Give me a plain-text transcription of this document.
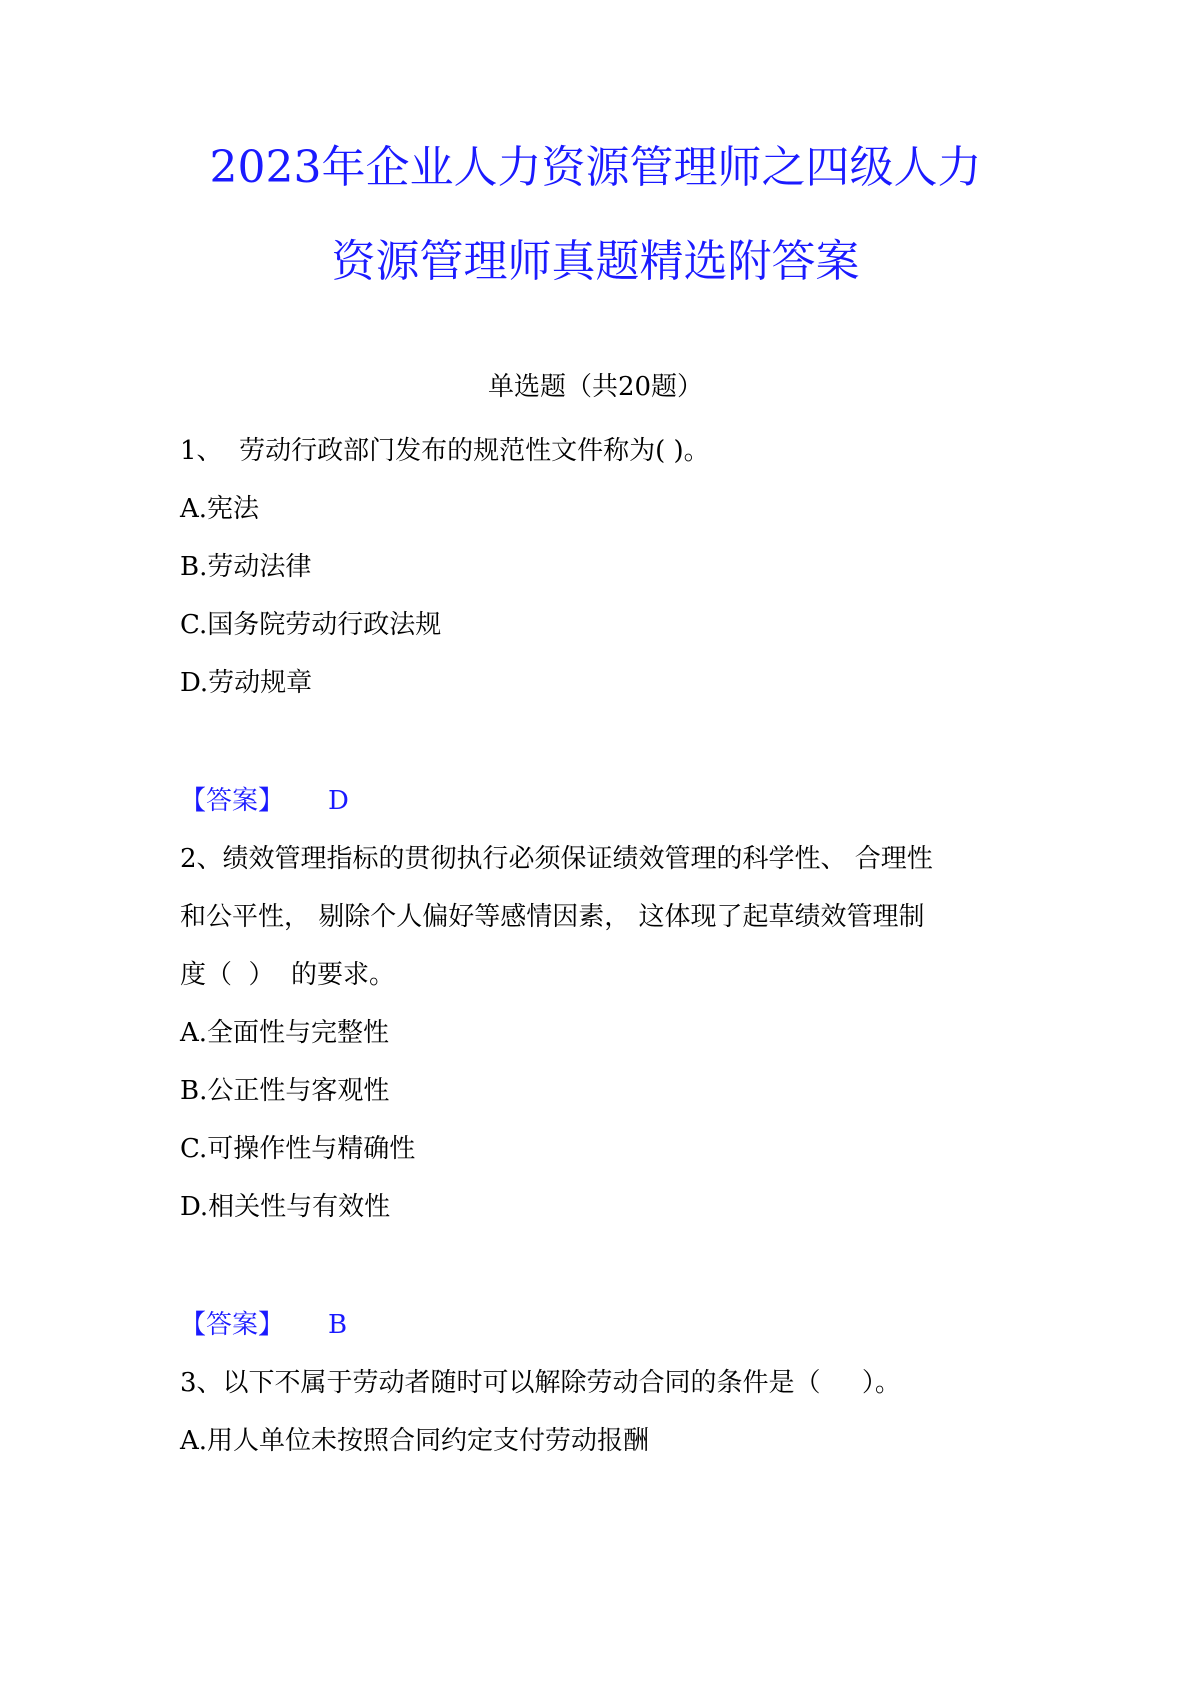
2023年企业人力资源管理师之四级人力
资源管理师真题精选附答案
单选题（共20题）
1、  劳动行政部门发布的规范性文件称为( )。
A.宪法
B.劳动法律
C.国务院劳动行政法规
D.劳动规章
【答案】 D
2、绩效管理指标的贯彻执行必须保证绩效管理的科学性、 合理性
和公平性， 剔除个人偏好等感情因素， 这体现了起草绩效管理制
度（  ）  的要求。
A.全面性与完整性
B.公正性与客观性
C.可操作性与精确性
D.相关性与有效性
【答案】 B
3、以下不属于劳动者随时可以解除劳动合同的条件是（     ）。
A.用人单位未按照合同约定支付劳动报酬
